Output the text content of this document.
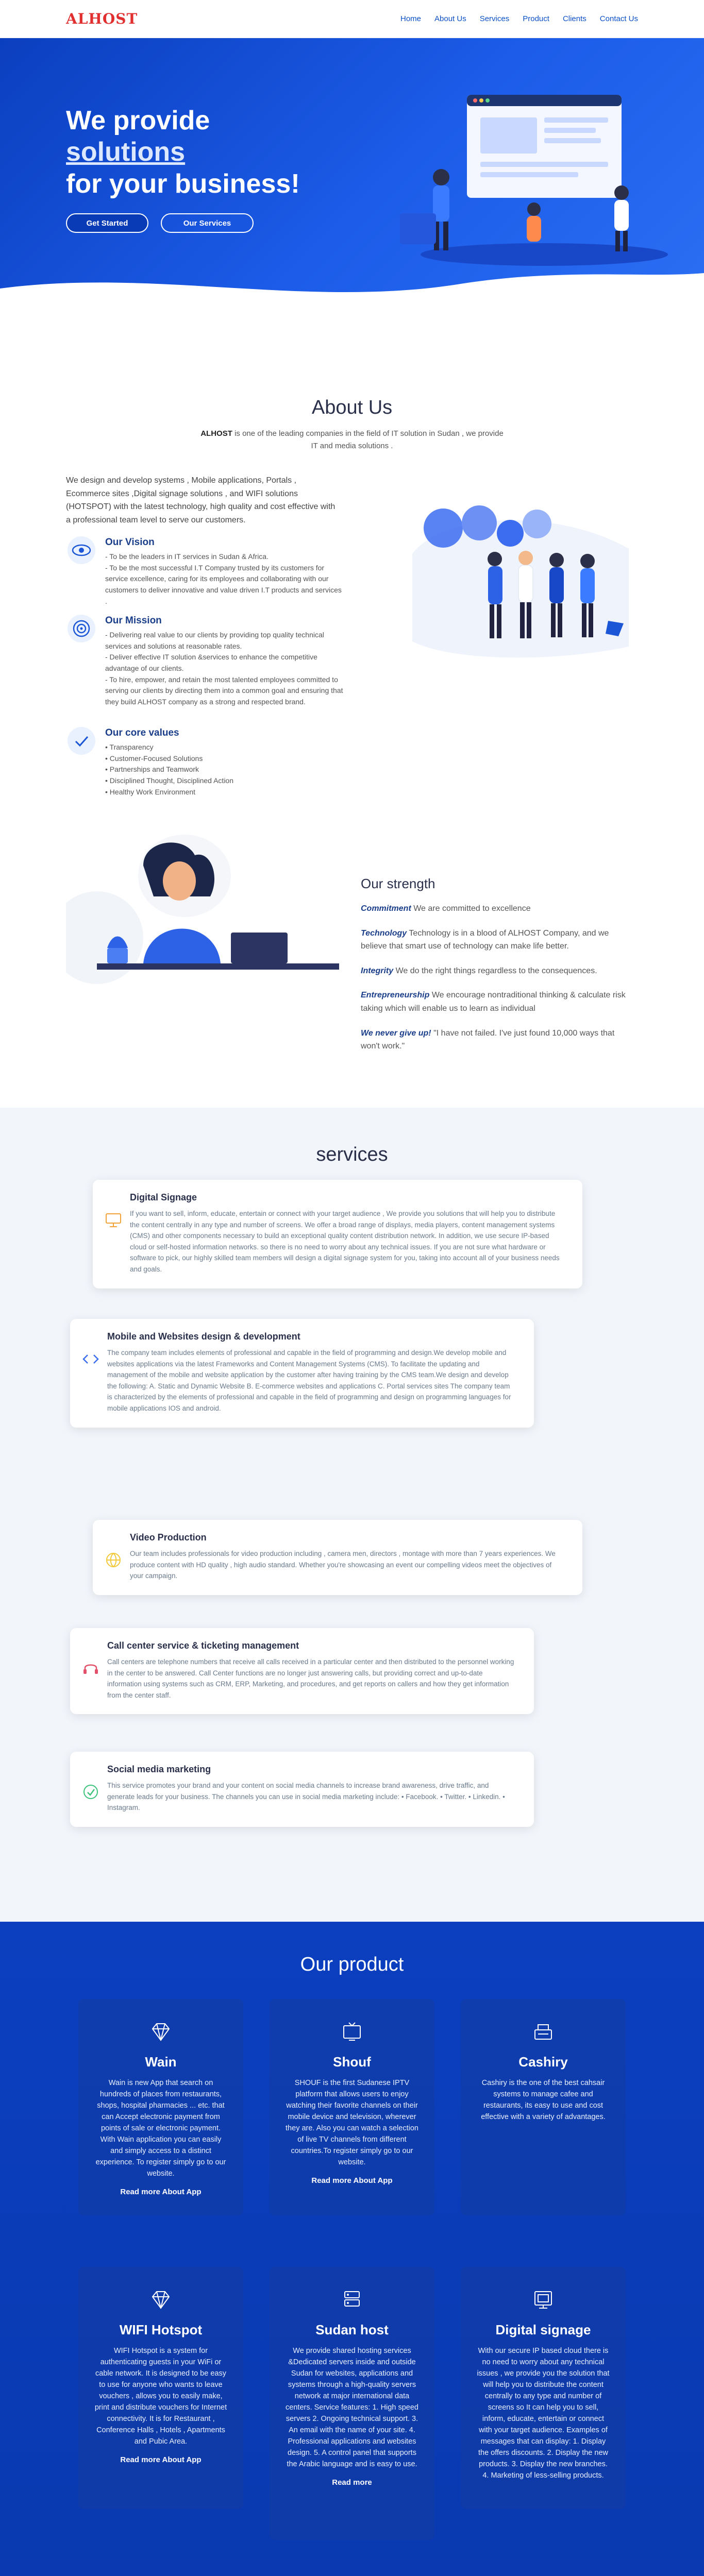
ALHOST	Home About Us Services Product Clients Contact Us
We provide
solutions
for your business!
Get Started	Our Services
About Us

ALHOST is one of the leading companies in the field of IT solution in Sudan , we provide IT and media solutions .

We design and develop systems , Mobile applications, Portals , Ecommerce sites ,Digital signage solutions , and WIFI solutions (HOTSPOT) with the latest technology, high quality and cost effective with a professional team level to serve our customers.

Our Vision
- To be the leaders in IT services in Sudan & Africa.
- To be the most successful I.T Company trusted by its customers for service excellence, caring for its employees and collaborating with our customers to deliver innovative and value driven I.T products and services .
Our Mission
- Delivering real value to our clients by providing top quality technical services and solutions at reasonable rates.
- Deliver effective IT solution &services to enhance the competitive advantage of our clients.
- To hire, empower, and retain the most talented employees committed to serving our clients by directing them into a common goal and ensuring that they build ALHOST company as a strong and respected brand.
Our core values
• Transparency
• Customer-Focused Solutions
• Partnerships and Teamwork
• Disciplined Thought, Disciplined Action
• Healthy Work Environment
Our strength

Commitment We are committed to excellence

Technology Technology is in a blood of ALHOST Company, and we believe that smart use of technology can make life better.

Integrity We do the right things regardless to the consequences.

Entrepreneurship We encourage nontraditional thinking & calculate risk taking which will enable us to learn as individual

We never give up! "I have not failed. I've just found 10,000 ways that won't work."

services
Digital Signage

If you want to sell, inform, educate, entertain or connect with your target audience , We provide you solutions that will help you to distribute the content centrally in any type and number of screens. We offer a broad range of displays, media players, content management systems (CMS) and other components necessary to build an exceptional quality content distribution network. In addition, we use secure IP-based cloud or self-hosted information networks. so there is no need to worry about any technical issues. If you are not sure what hardware or software to pick, our highly skilled team members will design a digital signage system for you, taking into account all of your business needs and goals.

Mobile and Websites design & development

The company team includes elements of professional and capable in the field of programming and design.We develop mobile and websites applications via the latest Frameworks and Content Management Systems (CMS). To facilitate the updating and management of the mobile and website application by the customer after having training by the CMS team.We design and develop the following: A. Static and Dynamic Website B. E-commerce websites and applications C. Portal services sites The company team is characterized by the elements of professional and capable in the field of programming and design on programming languages for mobile applications IOS and android.

Video Production

Our team includes professionals for video production including , camera men, directors , montage with more than 7 years experiences. We produce content with HD quality , high audio standard. Whether you're showcasing an event our compelling videos meet the objectives of your campaign.

Call center service & ticketing management

Call centers are telephone numbers that receive all calls received in a particular center and then distributed to the personnel working in the center to be answered. Call Center functions are no longer just answering calls, but providing correct and up-to-date information using systems such as CRM, ERP, Marketing, and procedures, and get reports on callers and how they get information from the center staff.

Social media marketing

This service promotes your brand and your content on social media channels to increase brand awareness, drive traffic, and generate leads for your business. The channels you can use in social media marketing include: • Facebook. • Twitter. • Linkedin. • Instagram.

Our product
Wain

Wain is new App that search on hundreds of places from restaurants, shops, hospital pharmacies ... etc. that can Accept electronic payment from points of sale or electronic payment. With Wain application you can easily and simply access to a distinct experience. To register simply go to our website.

Read more About App
Shouf

SHOUF is the first Sudanese IPTV platform that allows users to enjoy watching their favorite channels on their mobile device and television, wherever they are. Also you can watch a selection of live TV channels from different countries.To register simply go to our website.

Read more About App
Cashiry

Cashiry is the one of the best cahsair systems to manage cafee and restaurants, its easy to use and cost effective with a variety of advantages.

WIFI Hotspot

WIFI Hotspot is a system for authenticating guests in your WiFi or cable network. It is designed to be easy to use for anyone who wants to leave vouchers , allows you to easily make, print and distribute vouchers for Internet connectivity. It is for Restaurant , Conference Halls , Hotels , Apartments and Pubic Area.

Read more About App
Sudan host

We provide shared hosting services &Dedicated servers inside and outside Sudan for websites, applications and systems through a high-quality servers network at major international data centers. Service features: 1. High speed servers 2. Ongoing technical support. 3. An email with the name of your site. 4. Professional applications and websites design. 5. A control panel that supports the Arabic language and is easy to use.

Read more
Digital signage

With our secure IP based cloud there is no need to worry about any technical issues , we provide you the solution that will help you to distribute the content centrally to any type and number of screens so It can help you to sell, inform, educate, entertain or connect with your target audience. Examples of messages that can display: 1. Display the offers discounts. 2. Display the new products. 3. Display the new branches. 4. Marketing of less-selling products.
